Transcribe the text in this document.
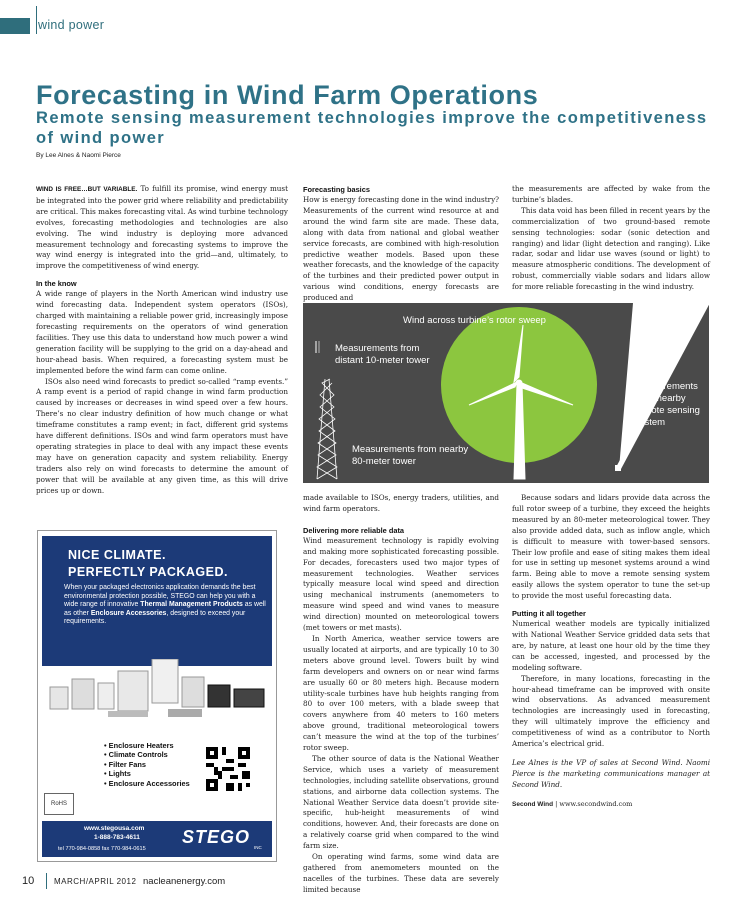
wind power
Forecasting in Wind Farm Operations
Remote sensing measurement technologies improve the competitiveness of wind power
By Lee Alnes & Naomi Pierce

WIND IS FREE…BUT VARIABLE. To fulfill its promise, wind energy must be integrated into the power grid where reliability and predictability are critical. This makes forecasting vital. As wind turbine technology evolves, forecasting methodologies and technologies are also evolving. The wind industry is deploying more advanced measurement technology and forecasting systems to improve the way wind energy is integrated into the grid—and, ultimately, to improve the competitiveness of wind energy.

In the know

A wide range of players in the North American wind industry use wind forecasting data. Independent system operators (ISOs), charged with maintaining a reliable power grid, increasingly impose forecasting requirements on the operators of wind generation facilities. They use this data to understand how much power a wind generation facility will be supplying to the grid on a day-ahead and hour-ahead basis. When required, a forecasting system must be implemented before the wind farm can come online.

ISOs also need wind forecasts to predict so-called “ramp events.” A ramp event is a period of rapid change in wind farm production caused by increases or decreases in wind speed over a few hours. There’s no clear industry definition of how much change or what timeframe constitutes a ramp event; in fact, different grid systems have different definitions. ISOs and wind farm operators must have operating strategies in place to deal with any impact these events may have on generation capacity and system reliability. Energy traders also rely on wind forecasts to determine the amount of power that will be available at any given time, as this will drive prices up or down.

Forecasting basics

How is energy forecasting done in the wind industry? Measurements of the current wind resource at and around the wind farm site are made. These data, along with data from national and global weather service forecasts, are combined with high-resolution predictive weather models. Based upon these weather forecasts, and the knowledge of the capacity of the turbines and their predicted power output in various wind conditions, energy forecasts are produced and

the measurements are affected by wake from the turbine’s blades.

This data void has been filled in recent years by the commercialization of two ground-based remote sensing technologies: sodar (sonic detection and ranging) and lidar (light detection and ranging). Like radar, sodar and lidar use waves (sound or light) to measure atmospheric conditions. The development of robust, commercially viable sodars and lidars allow for more reliable forecasting in the wind industry.

Wind across turbine’s rotor sweep
Measurements from distant 10-meter tower
Measurements from nearby 80-meter tower
Measurements from nearby remote sensing system

made available to ISOs, energy traders, utilities, and wind farm operators.

Delivering more reliable data

Wind measurement technology is rapidly evolving and making more sophisticated forecasting possible. For decades, forecasters used two major types of measurement technologies. Weather services typically measure local wind speed and direction using mechanical instruments (anemometers to measure wind speed and wind vanes to measure wind direction) mounted on meteorological towers (met towers or met masts).

In North America, weather service towers are usually located at airports, and are typically 10 to 30 meters above ground level. Towers built by wind farm developers and owners on or near wind farms are usually 60 or 80 meters high. Because modern utility-scale turbines have hub heights ranging from 80 to over 100 meters, with a blade sweep that covers anywhere from 40 meters to 160 meters above ground, traditional meteorological towers can’t measure the wind at the top of the turbines’ rotor sweep.

The other source of data is the National Weather Service, which uses a variety of measurement technologies, including satellite observations, ground stations, and airborne data collection systems. The National Weather Service data doesn’t provide site-specific, hub-height measurements of wind conditions, however. And, their forecasts are done on a relatively coarse grid when compared to the wind farm size.

On operating wind farms, some wind data are gathered from anemometers mounted on the nacelles of the turbines. These data are severely limited because

Because sodars and lidars provide data across the full rotor sweep of a turbine, they exceed the heights measured by an 80-meter meteorological tower. They also provide added data, such as inflow angle, which is difficult to measure with tower-based sensors. Their low profile and ease of siting makes them ideal for use in setting up mesonet systems around a wind farm. Being able to move a remote sensing system easily allows the system operator to tune the set-up to provide the most useful forecasting data.

Putting it all together

Numerical weather models are typically initialized with National Weather Service gridded data sets that are, by nature, at least one hour old by the time they can be accessed, ingested, and processed by the modeling software.

Therefore, in many locations, forecasting in the hour-ahead timeframe can be improved with onsite wind observations. As advanced measurement technologies are increasingly used in forecasting, they will ultimately improve the efficiency and competitiveness of wind as a contributor to North America’s electrical grid.

Lee Alnes is the VP of sales at Second Wind. Naomi Pierce is the marketing communications manager at Second Wind.

Second Wind | www.secondwind.com

NICE CLIMATE.
PERFECTLY PACKAGED.
When your packaged electronics application demands the best environmental protection possible, STEGO can help you with a wide range of innovative Thermal Management Products as well as other Enclosure Accessories, designed to exceed your requirements.
• Enclosure Heaters
• Climate Controls
• Filter Fans
• Lights
• Enclosure Accessories
RoHS
www.stegousa.com
1-888-783-4611
tel 770-984-0858 fax 770-984-0615
STEGO
INC
10 MARCH/APRIL 2012 nacleanenergy.com
